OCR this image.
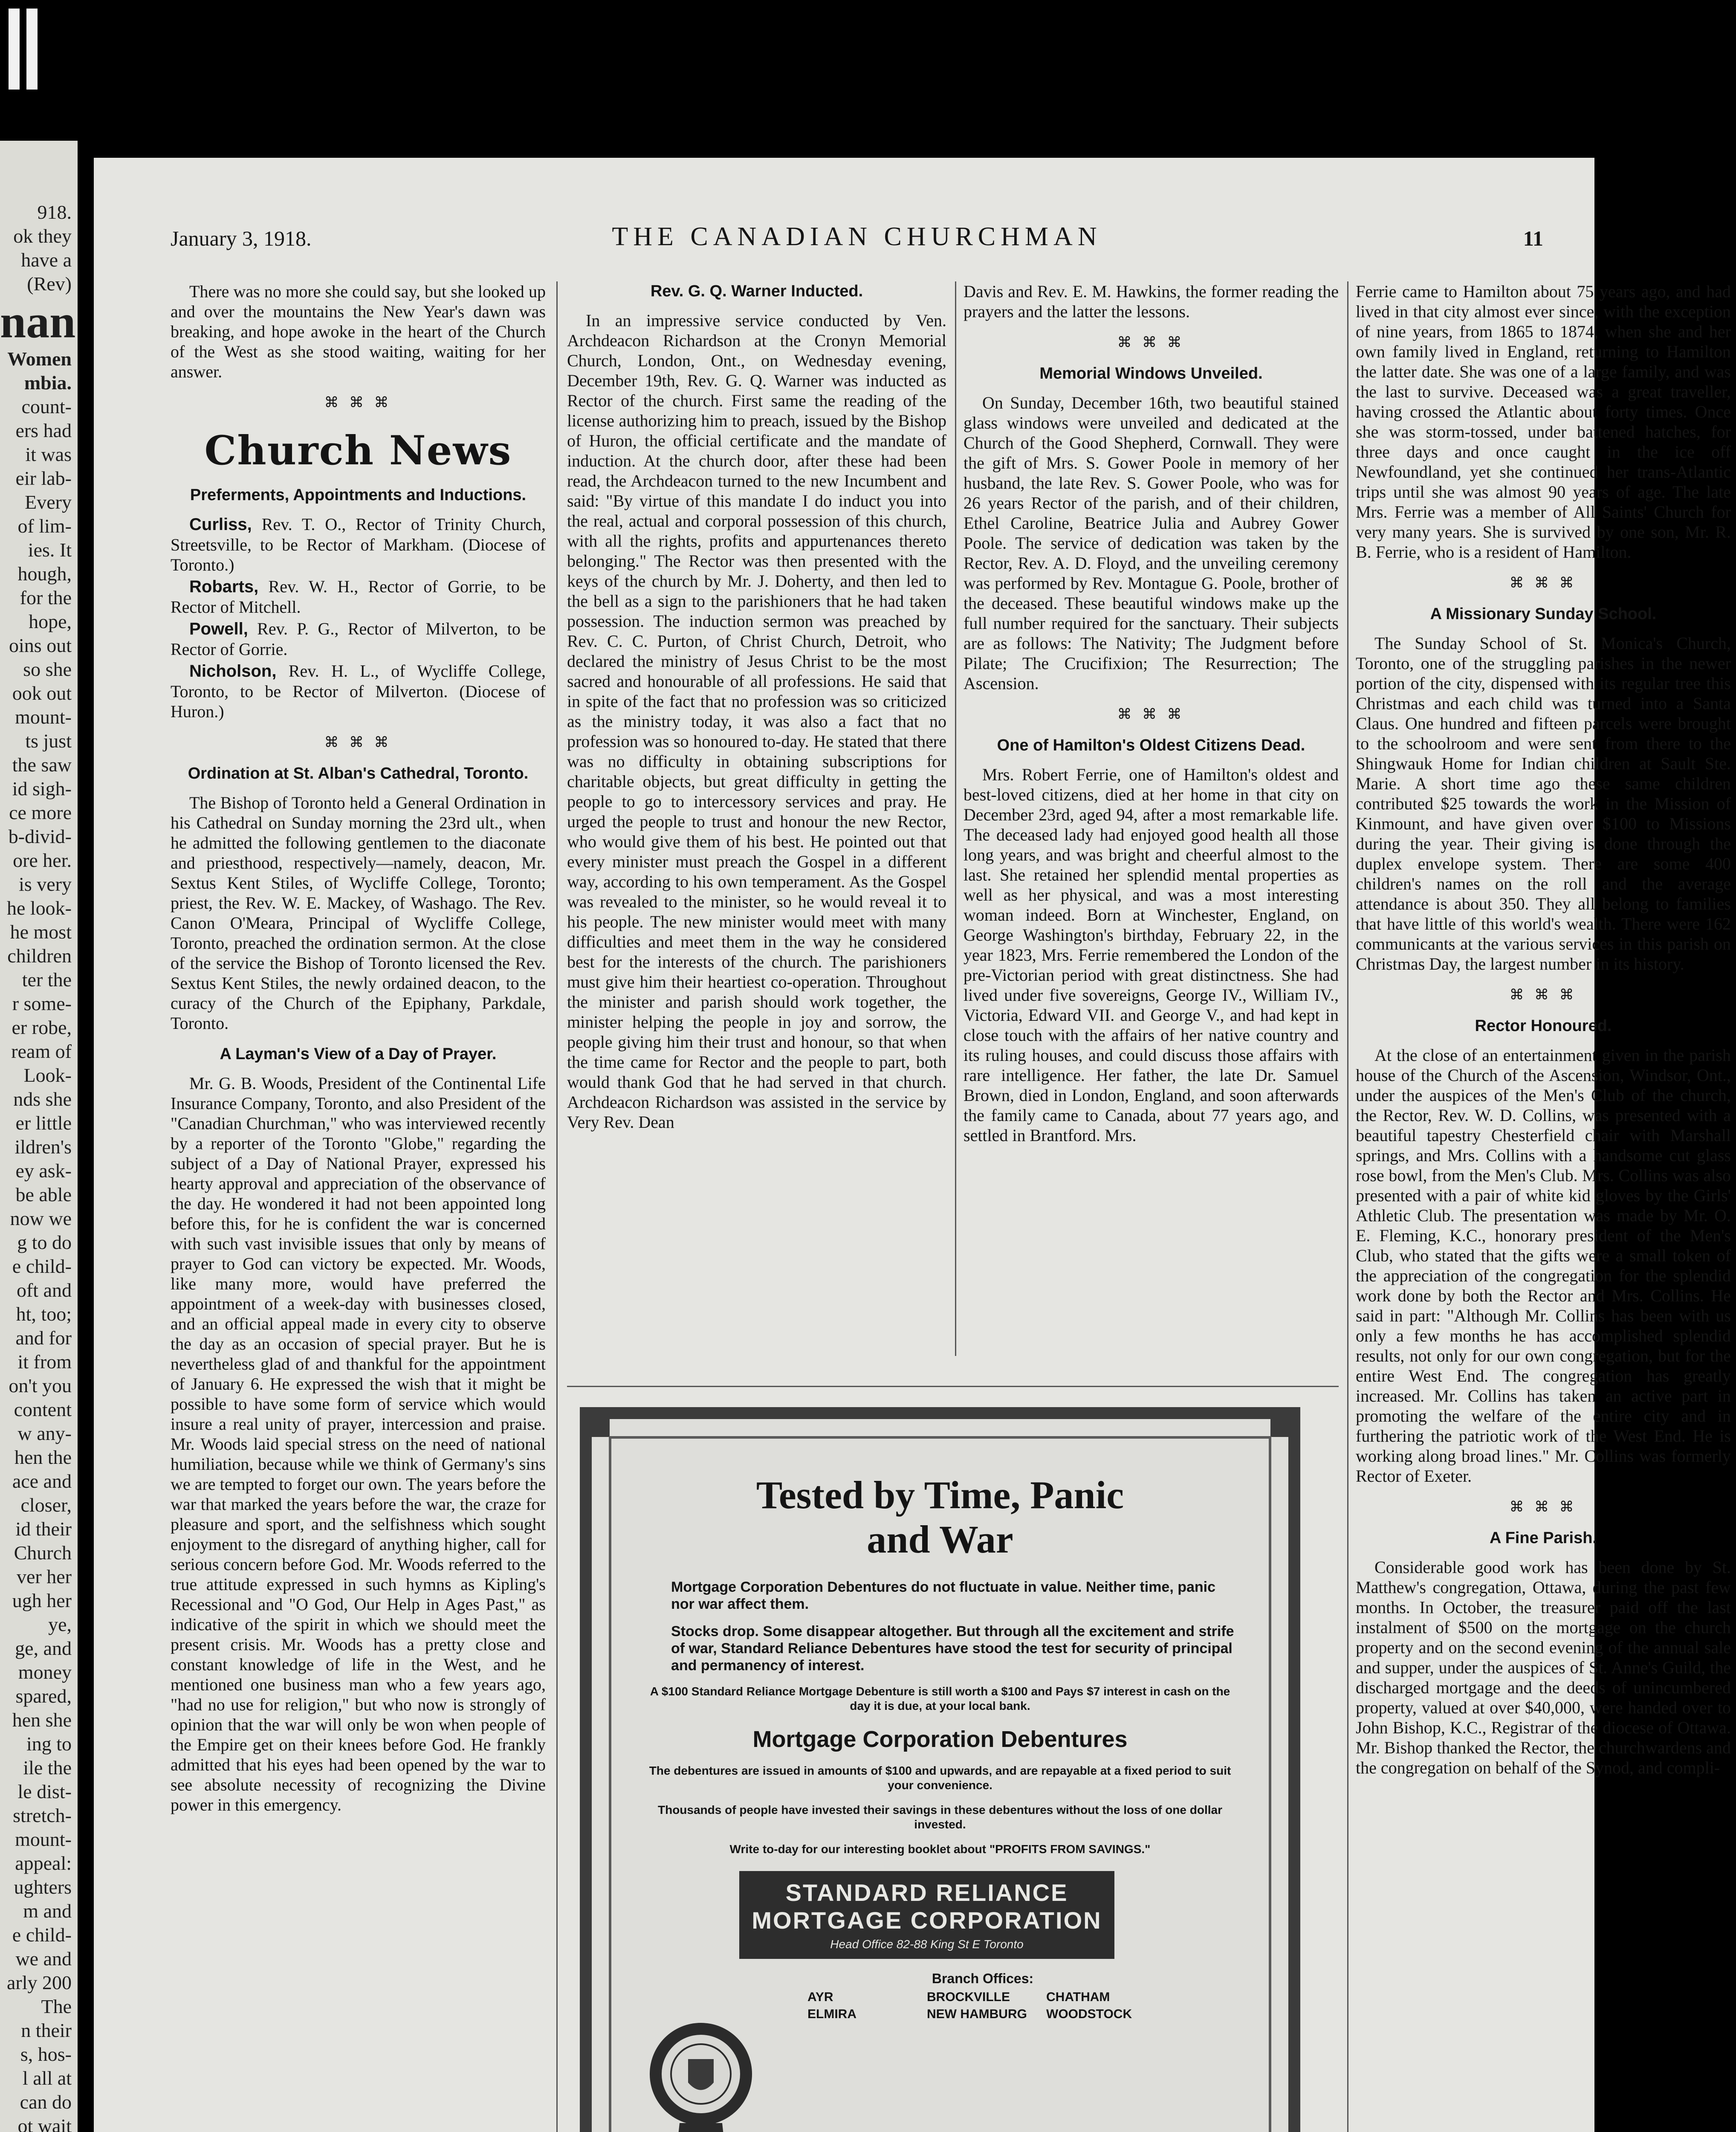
918.
ok they
have a
(Rev)
nan
Women
mbia.
count-
ers had
it was
eir lab-
Every
of lim-
ies. It
hough,
for the
hope,
oins out
so she
ook out
mount-
ts just
the saw
id sigh-
ce more
b-divid-
ore her.
is very
he look-
he most
children
ter the
r some-
er robe,
ream of
Look-
nds she
er little
ildren's
ey ask-
be able
now we
g to do
e child-
oft and
ht, too;
and for
it from
on't you
content
w any-
hen the
ace and
closer,
id their
Church
ver her
ugh her
ye,
ge, and
money
spared,
hen she
ing to
ile the
le dist-
stretch-
mount-
appeal:
ughters
m and
e child-
we and
arly 200
The
n their
s, hos-
l all at
can do
ot wait
January 3, 1918.	THE CANADIAN CHURCHMAN	11

There was no more she could say, but she looked up and over the mountains the New Year's dawn was breaking, and hope awoke in the heart of the Church of the West as she stood waiting, waiting for her answer.

⌘ ⌘ ⌘
Church News
Preferments, Appointments and Inductions.

Curliss, Rev. T. O., Rector of Trinity Church, Streetsville, to be Rector of Markham. (Diocese of Toronto.)

Robarts, Rev. W. H., Rector of Gorrie, to be Rector of Mitchell.

Powell, Rev. P. G., Rector of Milverton, to be Rector of Gorrie.

Nicholson, Rev. H. L., of Wycliffe College, Toronto, to be Rector of Milverton. (Diocese of Huron.)

⌘ ⌘ ⌘
Ordination at St. Alban's Cathedral, Toronto.

The Bishop of Toronto held a General Ordination in his Cathedral on Sunday morning the 23rd ult., when he admitted the following gentlemen to the diaconate and priesthood, respectively—namely, deacon, Mr. Sextus Kent Stiles, of Wycliffe College, Toronto; priest, the Rev. W. E. Mackey, of Washago. The Rev. Canon O'Meara, Principal of Wycliffe College, Toronto, preached the ordination sermon. At the close of the service the Bishop of Toronto licensed the Rev. Sextus Kent Stiles, the newly ordained deacon, to the curacy of the Church of the Epiphany, Parkdale, Toronto.

A Layman's View of a Day of Prayer.

Mr. G. B. Woods, President of the Continental Life Insurance Company, Toronto, and also President of the "Canadian Churchman," who was interviewed recently by a reporter of the Toronto "Globe," regarding the subject of a Day of National Prayer, expressed his hearty approval and appreciation of the observance of the day. He wondered it had not been appointed long before this, for he is confident the war is concerned with such vast invisible issues that only by means of prayer to God can victory be expected. Mr. Woods, like many more, would have preferred the appointment of a week-day with businesses closed, and an official appeal made in every city to observe the day as an occasion of special prayer. But he is nevertheless glad of and thankful for the appointment of January 6. He expressed the wish that it might be possible to have some form of service which would insure a real unity of prayer, intercession and praise. Mr. Woods laid special stress on the need of national humiliation, because while we think of Germany's sins we are tempted to forget our own. The years before the war that marked the years before the war, the craze for pleasure and sport, and the selfishness which sought enjoyment to the disregard of anything higher, call for serious concern before God. Mr. Woods referred to the true attitude expressed in such hymns as Kipling's Recessional and "O God, Our Help in Ages Past," as indicative of the spirit in which we should meet the present crisis. Mr. Woods has a pretty close and constant knowledge of life in the West, and he mentioned one business man who a few years ago, "had no use for religion," but who now is strongly of opinion that the war will only be won when people of the Empire get on their knees before God. He frankly admitted that his eyes had been opened by the war to see absolute necessity of recognizing the Divine power in this emergency.

Rev. G. Q. Warner Inducted.

In an impressive service conducted by Ven. Archdeacon Richardson at the Cronyn Memorial Church, London, Ont., on Wednesday evening, December 19th, Rev. G. Q. Warner was inducted as Rector of the church. First same the reading of the license authorizing him to preach, issued by the Bishop of Huron, the official certificate and the mandate of induction. At the church door, after these had been read, the Archdeacon turned to the new Incumbent and said: "By virtue of this mandate I do induct you into the real, actual and corporal possession of this church, with all the rights, profits and appurtenances thereto belonging." The Rector was then presented with the keys of the church by Mr. J. Doherty, and then led to the bell as a sign to the parishioners that he had taken possession. The induction sermon was preached by Rev. C. C. Purton, of Christ Church, Detroit, who declared the ministry of Jesus Christ to be the most sacred and honourable of all professions. He said that in spite of the fact that no profession was so criticized as the ministry today, it was also a fact that no profession was so honoured to-day. He stated that there was no difficulty in obtaining subscriptions for charitable objects, but great difficulty in getting the people to go to intercessory services and pray. He urged the people to trust and honour the new Rector, who would give them of his best. He pointed out that every minister must preach the Gospel in a different way, according to his own temperament. As the Gospel was revealed to the minister, so he would reveal it to his people. The new minister would meet with many difficulties and meet them in the way he considered best for the interests of the church. The parishioners must give him their heartiest co-operation. Throughout the minister and parish should work together, the minister helping the people in joy and sorrow, the people giving him their trust and honour, so that when the time came for Rector and the people to part, both would thank God that he had served in that church. Archdeacon Richardson was assisted in the service by Very Rev. Dean

Davis and Rev. E. M. Hawkins, the former reading the prayers and the latter the lessons.

⌘ ⌘ ⌘
Memorial Windows Unveiled.

On Sunday, December 16th, two beautiful stained glass windows were unveiled and dedicated at the Church of the Good Shepherd, Cornwall. They were the gift of Mrs. S. Gower Poole in memory of her husband, the late Rev. S. Gower Poole, who was for 26 years Rector of the parish, and of their children, Ethel Caroline, Beatrice Julia and Aubrey Gower Poole. The service of dedication was taken by the Rector, Rev. A. D. Floyd, and the unveiling ceremony was performed by Rev. Montague G. Poole, brother of the deceased. These beautiful windows make up the full number required for the sanctuary. Their subjects are as follows: The Nativity; The Judgment before Pilate; The Crucifixion; The Resurrection; The Ascension.

⌘ ⌘ ⌘
One of Hamilton's Oldest Citizens Dead.

Mrs. Robert Ferrie, one of Hamilton's oldest and best-loved citizens, died at her home in that city on December 23rd, aged 94, after a most remarkable life. The deceased lady had enjoyed good health all those long years, and was bright and cheerful almost to the last. She retained her splendid mental properties as well as her physical, and was a most interesting woman indeed. Born at Winchester, England, on George Washington's birthday, February 22, in the year 1823, Mrs. Ferrie remembered the London of the pre-Victorian period with great distinctness. She had lived under five sovereigns, George IV., William IV., Victoria, Edward VII. and George V., and had kept in close touch with the affairs of her native country and its ruling houses, and could discuss those affairs with rare intelligence. Her father, the late Dr. Samuel Brown, died in London, England, and soon afterwards the family came to Canada, about 77 years ago, and settled in Brantford. Mrs.

Ferrie came to Hamilton about 75 years ago, and had lived in that city almost ever since, with the exception of nine years, from 1865 to 1874, when she and her own family lived in England, returning to Hamilton the latter date. She was one of a large family, and was the last to survive. Deceased was a great traveller, having crossed the Atlantic about forty times. Once she was storm-tossed, under battened hatches, for three days and once caught in the ice off Newfoundland, yet she continued her trans-Atlantic trips until she was almost 90 years of age. The late Mrs. Ferrie was a member of All Saints' Church for very many years. She is survived by one son, Mr. R. B. Ferrie, who is a resident of Hamilton.

⌘ ⌘ ⌘
A Missionary Sunday School.

The Sunday School of St. Monica's Church, Toronto, one of the struggling parishes in the newer portion of the city, dispensed with its regular tree this Christmas and each child was turned into a Santa Claus. One hundred and fifteen parcels were brought to the schoolroom and were sent from there to the Shingwauk Home for Indian children at Sault Ste. Marie. A short time ago these same children contributed $25 towards the work in the Mission of Kinmount, and have given over $100 to Missions during the year. Their giving is done through the duplex envelope system. There are some 400 children's names on the roll and the average attendance is about 350. They all belong to families that have little of this world's wealth. There were 162 communicants at the various services in this parish on Christmas Day, the largest number in its history.

⌘ ⌘ ⌘
Rector Honoured.

At the close of an entertainment given in the parish house of the Church of the Ascension, Windsor, Ont., under the auspices of the Men's Club of the church, the Rector, Rev. W. D. Collins, was presented with a beautiful tapestry Chesterfield chair with Marshall springs, and Mrs. Collins with a handsome cut glass rose bowl, from the Men's Club. Mrs. Collins was also presented with a pair of white kid gloves by the Girls' Athletic Club. The presentation was made by Mr. O. E. Fleming, K.C., honorary president of the Men's Club, who stated that the gifts were a small token of the appreciation of the congregation for the splendid work done by both the Rector and Mrs. Collins. He said in part: "Although Mr. Collins has been with us only a few months he has accomplished splendid results, not only for our own congregation, but for the entire West End. The congregation has greatly increased. Mr. Collins has taken an active part in promoting the welfare of the entire city and in furthering the patriotic work of the West End. He is working along broad lines." Mr. Collins was formerly Rector of Exeter.

⌘ ⌘ ⌘
A Fine Parish.

Considerable good work has been done by St. Matthew's congregation, Ottawa, during the past few months. In October, the treasurer paid off the last instalment of $500 on the mortgage on the church property and on the second evening of the annual sale and supper, under the auspices of St. Anne's Guild, the discharged mortgage and the deeds of unincumbered property, valued at over $40,000, were handed over to John Bishop, K.C., Registrar of the diocese of Ottawa. Mr. Bishop thanked the Rector, the churchwardens and the congregation on behalf of the Synod, and compli-

Tested by Time, Panic
and War

Mortgage Corporation Debentures do not fluctuate in value. Neither time, panic nor war affect them.

Stocks drop. Some disappear altogether. But through all the excitement and strife of war, Standard Reliance Debentures have stood the test for security of principal and permanency of interest.

A $100 Standard Reliance Mortgage Debenture is still worth a $100 and Pays $7 interest in cash on the day it is due, at your local bank.

Mortgage Corporation Debentures

The debentures are issued in amounts of $100 and upwards, and are repayable at a fixed period to suit your convenience.

Thousands of people have invested their savings in these debentures without the loss of one dollar invested.

Write to-day for our interesting booklet about "PROFITS FROM SAVINGS."

STANDARD RELIANCE
MORTGAGE CORPORATION
Head Office 82-88 King St E Toronto
Branch Offices:
AYR	BROCKVILLE	CHATHAM
ELMIRA	NEW HAMBURG	WOODSTOCK
